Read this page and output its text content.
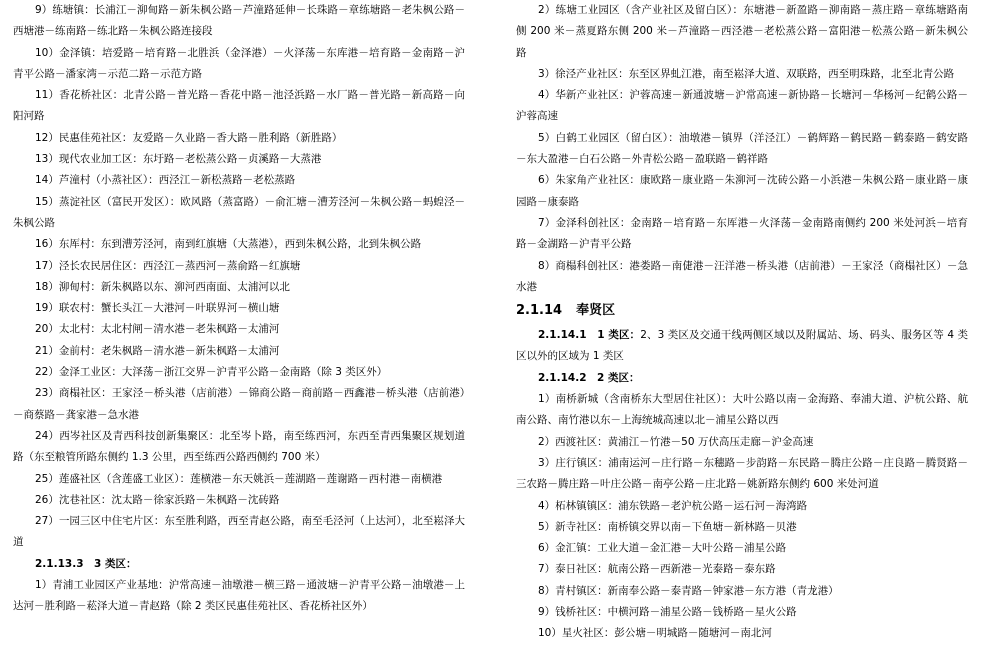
9）练塘镇：长浦江－泖甸路－新朱枫公路－芦潼路延伸－长珠路－章练塘路－老朱枫公路－西塘港－练南路－练北路－朱枫公路连接段

10）金泽镇：培爱路－培育路－北胜浜（金泽港）－火泽荡－东库港－培育路－金南路－沪青平公路－潘家湾－示范二路－示范方路

11）香花桥社区：北青公路－普光路－香花中路－池泾浜路－水厂路－普光路－新高路－向阳河路

12）民惠佳苑社区：友爱路－久业路－香大路－胜利路（新胜路）

13）现代农业加工区：东圩路－老松蒸公路－贞溪路－大蒸港

14）芦潼村（小蒸社区）：西泾江－新松蒸路－老松蒸路

15）蒸淀社区（富民开发区）：欧风路（蒸富路）－俞汇塘－漕芳泾河－朱枫公路－蚂蝗泾－朱枫公路

16）东厍村：东到漕芳泾河，南到红旗塘（大蒸港），西到朱枫公路，北到朱枫公路

17）泾长农民居住区：西泾江－蒸西河－蒸俞路－红旗塘

18）泖甸村：新朱枫路以东、泖河西南面、太浦河以北

19）联农村：蟹长头江－大港河－叶联界河－横山塘

20）太北村：太北村闸－清水港－老朱枫路－太浦河

21）金前村：老朱枫路－清水港－新朱枫路－太浦河

22）金泽工业区：大泽荡－浙江交界－沪青平公路－金南路（除 3 类区外）

23）商榻社区：王家泾－桥头港（店前港）－锦商公路－商前路－西鑫港－桥头港（店前港）－商蔡路－龚家港－急水港

24）西岑社区及青西科技创新集聚区：北至岑卜路，南至练西河，东西至青西集聚区规划道路（东至粮管所路东侧约 1.3 公里，西至练西公路西侧约 700 米）

25）莲盛社区（含莲盛工业区）：莲横港－东天姚浜－莲湖路－莲谢路－西村港－南横港

26）沈巷社区：沈太路－徐家浜路－朱枫路－沈砖路

27）一园三区中住宅片区：东至胜利路，西至青赵公路，南至毛泾河（上达河），北至崧泽大道

2.1.13.3　3 类区：

1）青浦工业园区产业基地：沪常高速－油墩港－横三路－通波塘－沪青平公路－油墩港－上达河－胜利路－菘泽大道－青赵路（除 2 类区民惠佳苑社区、香花桥社区外）

2）练塘工业园区（含产业社区及留白区）：东塘港－新盈路－泖南路－蒸庄路－章练塘路南侧 200 米－蒸夏路东侧 200 米－芦潼路－西泾港－老松蒸公路－富阳港－松蒸公路－新朱枫公路

3）徐泾产业社区：东至区界虬江港，南至崧泽大道、双联路，西至明珠路，北至北青公路

4）华新产业社区：沪蓉高速－新通波塘－沪常高速－新协路－长塘河－华杨河－纪鹤公路－沪蓉高速

5）白鹤工业园区（留白区）：油墩港－镇界（洋泾江）－鹤辉路－鹤民路－鹤泰路－鹤安路－东大盈港－白石公路－外青松公路－盈联路－鹤祥路

6）朱家角产业社区：康欧路－康业路－朱泖河－沈砖公路－小浜港－朱枫公路－康业路－康园路－康泰路

7）金泽科创社区：金南路－培育路－东厍港－火泽荡－金南路南侧约 200 米处河浜－培育路－金湖路－沪青平公路

8）商榻科创社区：港娄路－南倢港－汪洋港－桥头港（店前港）－王家泾（商榻社区）－急水港

2.1.14 奉贤区

2.1.14.1　1 类区：2、3 类区及交通干线两侧区域以及附属站、场、码头、服务区等 4 类区以外的区域为 1 类区

2.1.14.2　2 类区：

1）南桥新城（含南桥东大型居住社区）：大叶公路以南－金海路、奉浦大道、沪杭公路、航南公路、南竹港以东－上海统城高速以北－浦星公路以西

2）西渡社区：黄浦江－竹港－50 万伏高压走廊－沪金高速

3）庄行镇区：浦南运河－庄行路－东穗路－步韵路－东民路－腾庄公路－庄良路－腾贤路－三农路－腾庄路－叶庄公路－南亭公路－庄北路－姚新路东侧约 600 米处河道

4）柘林镇镇区：浦东铁路－老沪杭公路－运石河－海湾路

5）新寺社区：南桥镇交界以南－下鱼塘－新林路－贝港

6）金汇镇：工业大道－金汇港－大叶公路－浦星公路

7）泰日社区：航南公路－西新港－光泰路－泰东路

8）青村镇区：新南奉公路－泰青路－钟家港－东方港（青龙港）

9）钱桥社区：中横河路－浦星公路－钱桥路－星火公路

10）星火社区：彭公塘－明城路－随塘河－南北河
